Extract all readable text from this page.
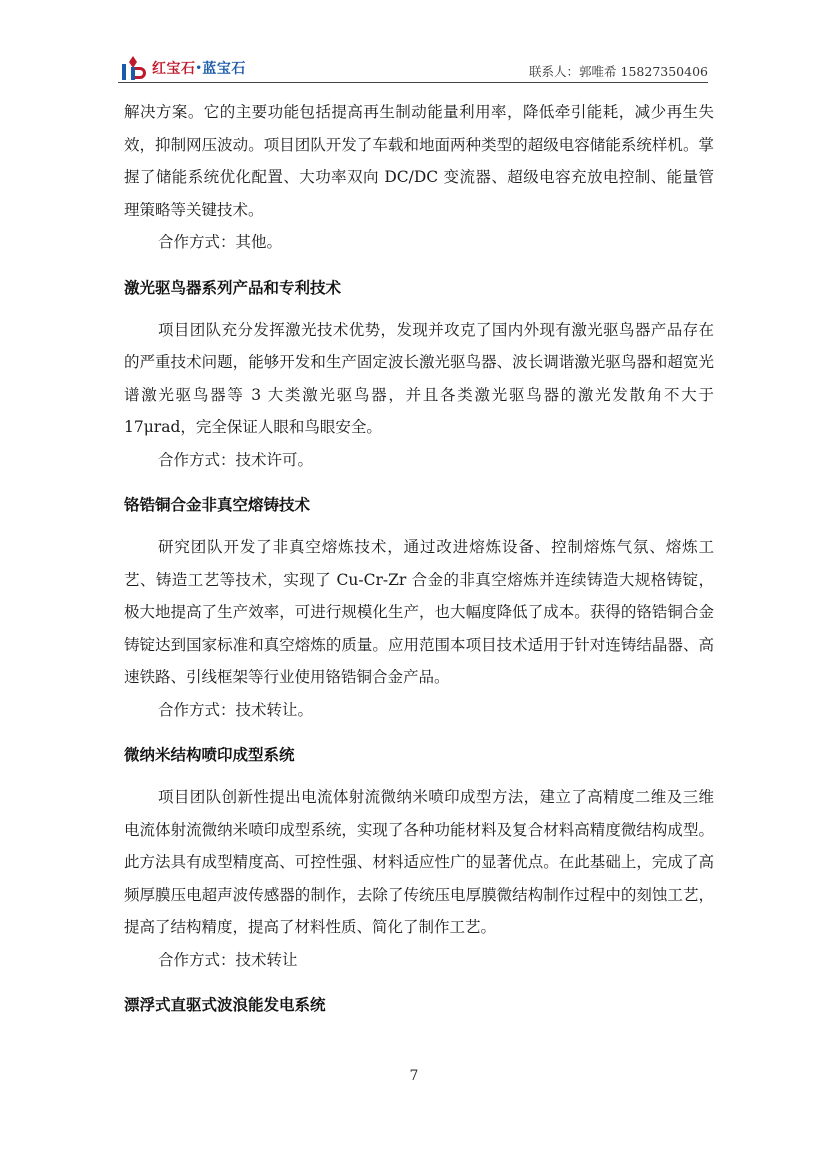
红宝石•蓝宝石	联系人：郭唯希 15827350406

解决方案。它的主要功能包括提高再生制动能量利用率，降低牵引能耗，减少再生失效，抑制网压波动。项目团队开发了车载和地面两种类型的超级电容储能系统样机。掌握了储能系统优化配置、大功率双向 DC/DC 变流器、超级电容充放电控制、能量管理策略等关键技术。

合作方式：其他。

激光驱鸟器系列产品和专利技术

项目团队充分发挥激光技术优势，发现并攻克了国内外现有激光驱鸟器产品存在的严重技术问题，能够开发和生产固定波长激光驱鸟器、波长调谐激光驱鸟器和超宽光谱激光驱鸟器等 3 大类激光驱鸟器，并且各类激光驱鸟器的激光发散角不大于17μrad，完全保证人眼和鸟眼安全。

合作方式：技术许可。

铬锆铜合金非真空熔铸技术

研究团队开发了非真空熔炼技术，通过改进熔炼设备、控制熔炼气氛、熔炼工艺、铸造工艺等技术，实现了 Cu-Cr-Zr 合金的非真空熔炼并连续铸造大规格铸锭，极大地提高了生产效率，可进行规模化生产，也大幅度降低了成本。获得的铬锆铜合金铸锭达到国家标准和真空熔炼的质量。应用范围本项目技术适用于针对连铸结晶器、高速铁路、引线框架等行业使用铬锆铜合金产品。

合作方式：技术转让。

微纳米结构喷印成型系统

项目团队创新性提出电流体射流微纳米喷印成型方法，建立了高精度二维及三维电流体射流微纳米喷印成型系统，实现了各种功能材料及复合材料高精度微结构成型。此方法具有成型精度高、可控性强、材料适应性广的显著优点。在此基础上，完成了高频厚膜压电超声波传感器的制作，去除了传统压电厚膜微结构制作过程中的刻蚀工艺，提高了结构精度，提高了材料性质、简化了制作工艺。

合作方式：技术转让

漂浮式直驱式波浪能发电系统
7
